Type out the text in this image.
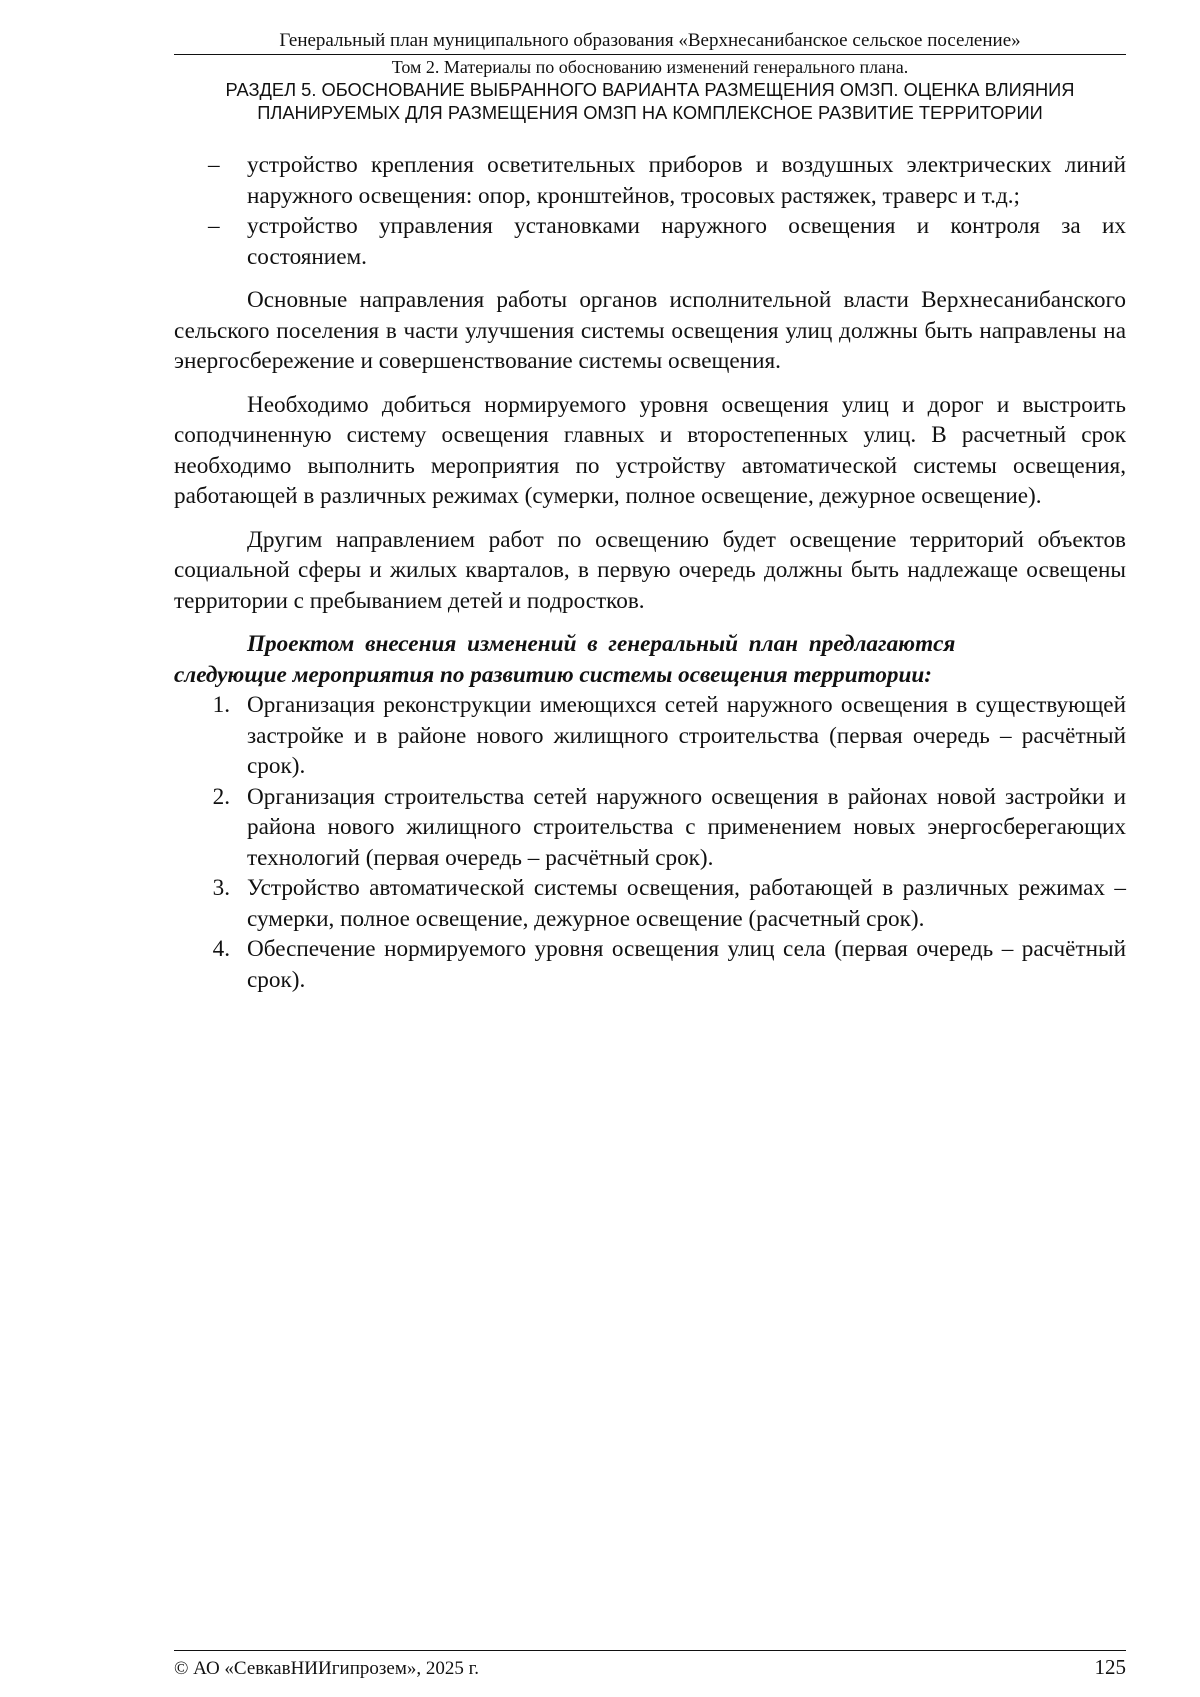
Генеральный план муниципального образования «Верхнесанибанское сельское поселение»
Том 2. Материалы по обоснованию изменений генерального плана.
РАЗДЕЛ 5. ОБОСНОВАНИЕ ВЫБРАННОГО ВАРИАНТА РАЗМЕЩЕНИЯ ОМЗП. ОЦЕНКА ВЛИЯНИЯ
ПЛАНИРУЕМЫХ ДЛЯ РАЗМЕЩЕНИЯ ОМЗП НА КОМПЛЕКСНОЕ РАЗВИТИЕ ТЕРРИТОРИИ
– устройство крепления осветительных приборов и воздушных электрических линий наружного освещения: опор, кронштейнов, тросовых растяжек, траверс и т.д.;
– устройство управления установками наружного освещения и контроля за их состоянием.

Основные направления работы органов исполнительной власти Верхнесанибанского сельского поселения в части улучшения системы освещения улиц должны быть направлены на энергосбережение и совершенствование системы освещения.

Необходимо добиться нормируемого уровня освещения улиц и дорог и выстроить соподчиненную систему освещения главных и второстепенных улиц. В расчетный срок необходимо выполнить мероприятия по устройству автоматической системы освещения, работающей в различных режимах (сумерки, полное освещение, дежурное освещение).

Другим направлением работ по освещению будет освещение территорий объектов социальной сферы и жилых кварталов, в первую очередь должны быть надлежаще освещены территории с пребыванием детей и подростков.

Проектом внесения изменений в генеральный план предлагаются

следующие мероприятия по развитию системы освещения территории:

1. Организация реконструкции имеющихся сетей наружного освещения в существующей застройке и в районе нового жилищного строительства (первая очередь – расчётный срок).
2. Организация строительства сетей наружного освещения в районах новой застройки и района нового жилищного строительства с применением новых энергосберегающих технологий (первая очередь – расчётный срок).
3. Устройство автоматической системы освещения, работающей в различных режимах – сумерки, полное освещение, дежурное освещение (расчетный срок).
4. Обеспечение нормируемого уровня освещения улиц села (первая очередь – расчётный срок).
© АО «СевкавНИИгипрозем», 2025 г.	125
